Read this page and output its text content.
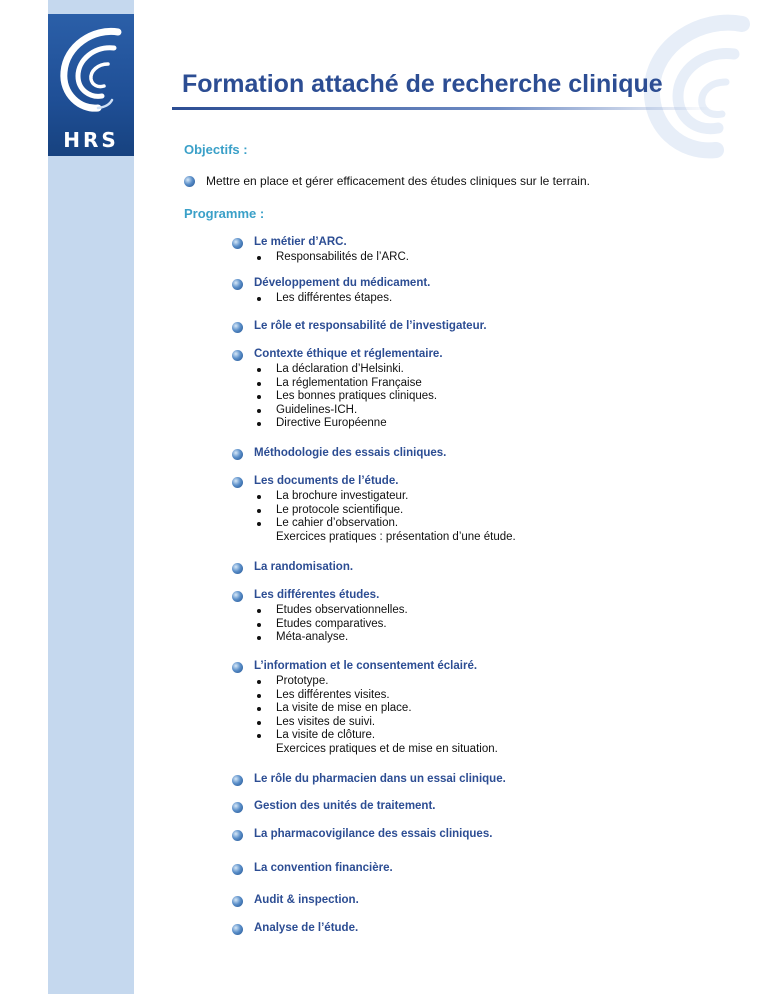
HRS
Formation attaché de recherche clinique
Objectifs :
Mettre en place et gérer efficacement des études cliniques sur le terrain.
Programme :
Le métier d’ARC.
Responsabilités de l’ARC.
Développement du médicament.
Les différentes étapes.
Le rôle et responsabilité de l’investigateur.
Contexte éthique et réglementaire.
La déclaration d’Helsinki.
La réglementation Française
Les bonnes pratiques cliniques.
Guidelines-ICH.
Directive Européenne
Méthodologie des essais cliniques.
Les documents de l’étude.
La brochure investigateur.
Le protocole scientifique.
Le cahier d’observation.
Exercices pratiques : présentation d’une étude.
La randomisation.
Les différentes études.
Etudes observationnelles.
Etudes comparatives.
Méta-analyse.
L’information et le consentement éclairé.
Prototype.
Les différentes visites.
La visite de mise en place.
Les visites de suivi.
La visite de clôture.
Exercices pratiques et de mise en situation.
Le rôle du pharmacien dans un essai clinique.
Gestion des unités de traitement.
La pharmacovigilance des essais cliniques.
La convention financière.
Audit & inspection.
Analyse de l’étude.
